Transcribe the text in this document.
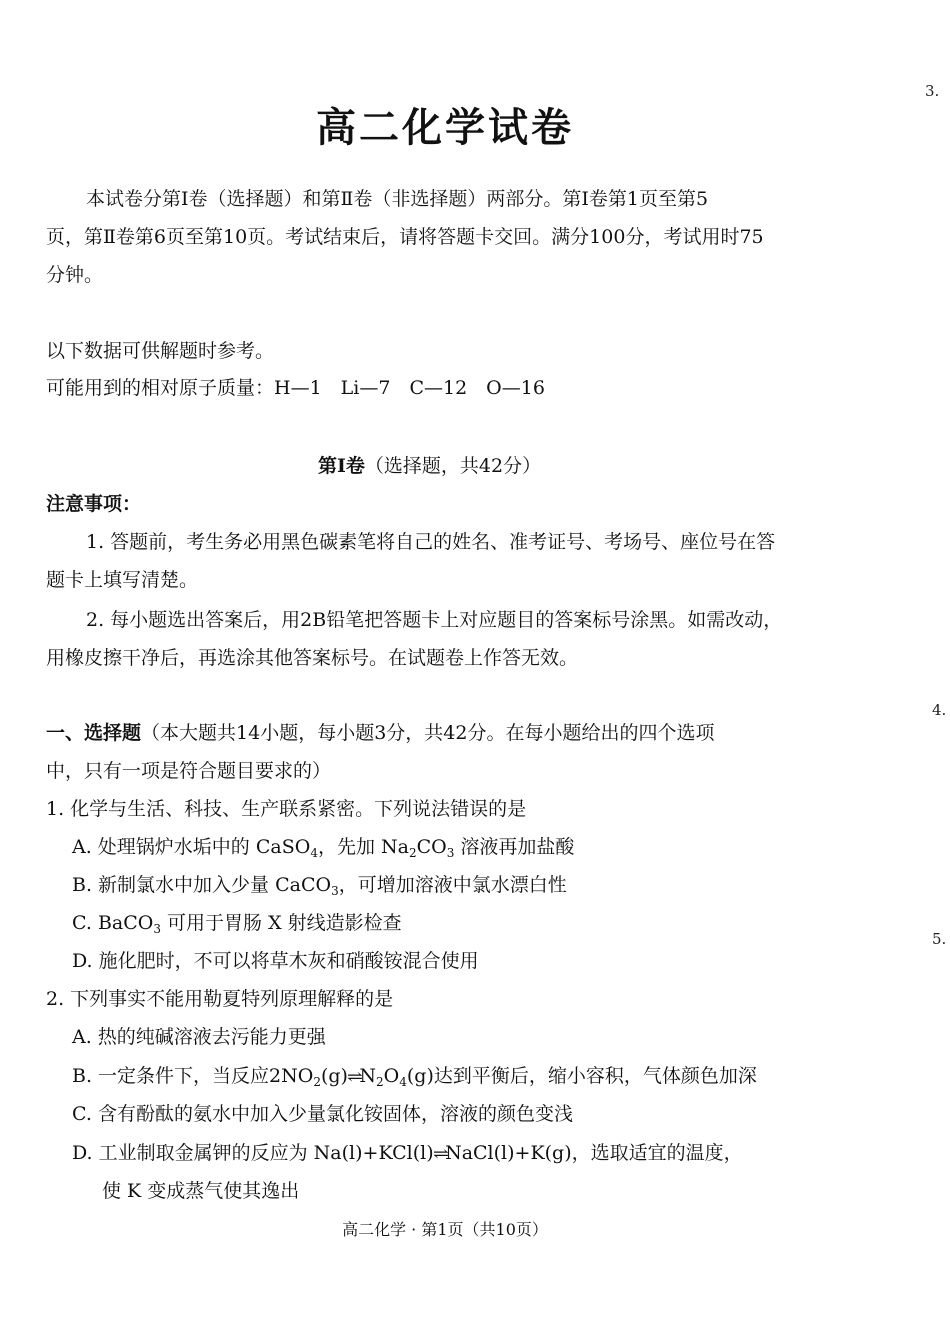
3.
4.
5.
高二化学试卷
本试卷分第Ⅰ卷（选择题）和第Ⅱ卷（非选择题）两部分。第Ⅰ卷第1页至第5
页，第Ⅱ卷第6页至第10页。考试结束后，请将答题卡交回。满分100分，考试用时75
分钟。
以下数据可供解题时参考。
可能用到的相对原子质量：H—1　Li—7　C—12　O—16
第Ⅰ卷（选择题，共42分）
注意事项：
1. 答题前，考生务必用黑色碳素笔将自己的姓名、准考证号、考场号、座位号在答
题卡上填写清楚。
2. 每小题选出答案后，用2B铅笔把答题卡上对应题目的答案标号涂黑。如需改动，
用橡皮擦干净后，再选涂其他答案标号。在试题卷上作答无效。
一、选择题（本大题共14小题，每小题3分，共42分。在每小题给出的四个选项
中，只有一项是符合题目要求的）
1. 化学与生活、科技、生产联系紧密。下列说法错误的是
A. 处理锅炉水垢中的 CaSO$_4$，先加 $Na_2CO_3$ 溶液再加盐酸
B. 新制氯水中加入少量 CaCO$_3$，可增加溶液中氯水漂白性
C. BaCO$_3$ 可用于胃肠 X 射线造影检查
D. 施化肥时，不可以将草木灰和硝酸铵混合使用
2. 下列事实不能用勒夏特列原理解释的是
A. 热的纯碱溶液去污能力更强
B. 一定条件下，当反应$2NO_2(g)\rightleftharpoons N_2O_4(g)$达到平衡后，缩小容积，气体颜色加深
C. 含有酚酞的氨水中加入少量氯化铵固体，溶液的颜色变浅
D. 工业制取金属钾的反应为 Na(l)+KCl(l)⇌NaCl(l)+K(g)，选取适宜的温度，
使 K 变成蒸气使其逸出
高二化学 · 第1页（共10页）
